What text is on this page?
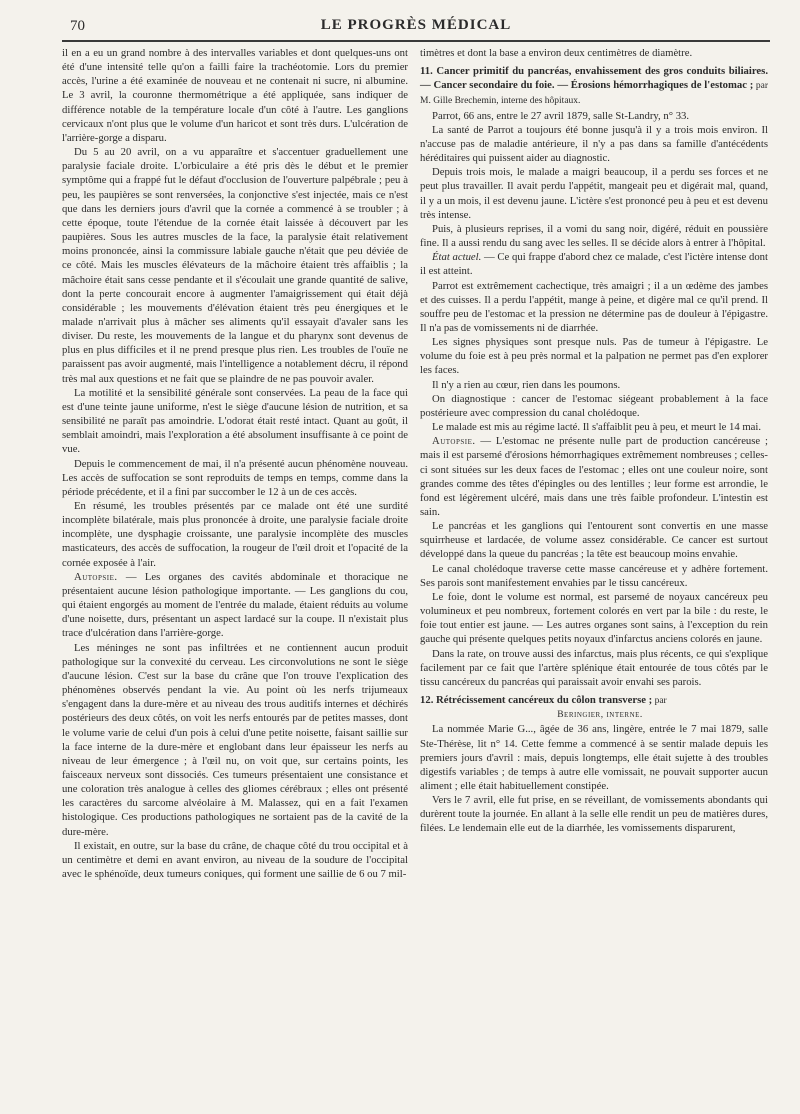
70	LE PROGRÈS MÉDICAL

il en a eu un grand nombre à des intervalles variables et dont quelques-uns ont été d'une intensité telle qu'on a failli faire la trachéotomie. Lors du premier accès, l'urine a été examinée de nouveau et ne contenait ni sucre, ni albumine. Le 3 avril, la couronne thermométrique a été appliquée, sans indiquer de différence notable de la température locale d'un côté à l'autre. Les ganglions cervicaux n'ont plus que le volume d'un haricot et sont très durs. L'ulcération de l'arrière-gorge a disparu.

Du 5 au 20 avril, on a vu apparaître et s'accentuer graduellement une paralysie faciale droite. L'orbiculaire a été pris dès le début et le premier symptôme qui a frappé fut le défaut d'occlusion de l'ouverture palpébrale ; peu à peu, les paupières se sont renversées, la conjonctive s'est injectée, mais ce n'est que dans les derniers jours d'avril que la cornée a commencé à se troubler ; à cette époque, toute l'étendue de la cornée était laissée à découvert par les paupières. Sous les autres muscles de la face, la paralysie était relativement moins prononcée, ainsi la commissure labiale gauche n'était que peu déviée de ce côté. Mais les muscles élévateurs de la mâchoire étaient très affaiblis ; la mâchoire était sans cesse pendante et il s'écoulait une grande quantité de salive, dont la perte concourait encore à augmenter l'amaigrissement qui était déjà considérable ; les mouvements d'élévation étaient très peu énergiques et le malade n'arrivait plus à mâcher ses aliments qu'il essayait d'avaler sans les diviser. Du reste, les mouvements de la langue et du pharynx sont devenus de plus en plus difficiles et il ne prend presque plus rien. Les troubles de l'ouïe ne paraissent pas avoir augmenté, mais l'intelligence a notablement décru, il répond très mal aux questions et ne fait que se plaindre de ne pas pouvoir avaler.

La motilité et la sensibilité générale sont conservées. La peau de la face qui est d'une teinte jaune uniforme, n'est le siège d'aucune lésion de nutrition, et sa sensibilité ne paraît pas amoindrie. L'odorat était resté intact. Quant au goût, il semblait amoindri, mais l'exploration a été absolument insuffisante à ce point de vue.

Depuis le commencement de mai, il n'a présenté aucun phénomène nouveau. Les accès de suffocation se sont reproduits de temps en temps, comme dans la période précédente, et il a fini par succomber le 12 à un de ces accès.

En résumé, les troubles présentés par ce malade ont été une surdité incomplète bilatérale, mais plus prononcée à droite, une paralysie faciale droite incomplète, une dysphagie croissante, une paralysie incomplète des muscles masticateurs, des accès de suffocation, la rougeur de l'œil droit et l'opacité de la cornée exposée à l'air.

Autopsie. — Les organes des cavités abdominale et thoracique ne présentaient aucune lésion pathologique importante. — Les ganglions du cou, qui étaient engorgés au moment de l'entrée du malade, étaient réduits au volume d'une noisette, durs, présentant un aspect lardacé sur la coupe. Il n'existait plus trace d'ulcération dans l'arrière-gorge.

Les méninges ne sont pas infiltrées et ne contiennent aucun produit pathologique sur la convexité du cerveau. Les circonvolutions ne sont le siège d'aucune lésion. C'est sur la base du crâne que l'on trouve l'explication des phénomènes observés pendant la vie. Au point où les nerfs trijumeaux s'engagent dans la dure-mère et au niveau des trous auditifs internes et déchirés postérieurs des deux côtés, on voit les nerfs entourés par de petites masses, dont le volume varie de celui d'un pois à celui d'une petite noisette, faisant saillie sur la face interne de la dure-mère et englobant dans leur épaisseur les nerfs au niveau de leur émergence ; à l'œil nu, on voit que, sur certains points, les faisceaux nerveux sont dissociés. Ces tumeurs présentaient une consistance et une coloration très analogue à celles des gliomes cérébraux ; elles ont présenté les caractères du sarcome alvéolaire à M. Malassez, qui en a fait l'examen histologique. Ces productions pathologiques ne sortaient pas de la cavité de la dure-mère.

Il existait, en outre, sur la base du crâne, de chaque côté du trou occipital et à un centimètre et demi en avant environ, au niveau de la soudure de l'occipital avec le sphénoïde, deux tumeurs coniques, qui forment une saillie de 6 ou 7 mil-

timètres et dont la base a environ deux centimètres de diamètre.

11. Cancer primitif du pancréas, envahissement des gros conduits biliaires. — Cancer secondaire du foie. — Érosions hémorrhagiques de l'estomac ; par M. Gille Brechemin, interne des hôpitaux.

Parrot, 66 ans, entre le 27 avril 1879, salle St-Landry, n° 33.

La santé de Parrot a toujours été bonne jusqu'à il y a trois mois environ. Il n'accuse pas de maladie antérieure, il n'y a pas dans sa famille d'antécédents héréditaires qui puissent aider au diagnostic.

Depuis trois mois, le malade a maigri beaucoup, il a perdu ses forces et ne peut plus travailler. Il avait perdu l'appétit, mangeait peu et digérait mal, quand, il y a un mois, il est devenu jaune. L'ictère s'est prononcé peu à peu et est devenu très intense.

Puis, à plusieurs reprises, il a vomi du sang noir, digéré, réduit en poussière fine. Il a aussi rendu du sang avec les selles. Il se décide alors à entrer à l'hôpital.

État actuel. — Ce qui frappe d'abord chez ce malade, c'est l'ictère intense dont il est atteint.

Parrot est extrêmement cachectique, très amaigri ; il a un œdème des jambes et des cuisses. Il a perdu l'appétit, mange à peine, et digère mal ce qu'il prend. Il souffre peu de l'estomac et la pression ne détermine pas de douleur à l'épigastre. Il n'a pas de vomissements ni de diarrhée.

Les signes physiques sont presque nuls. Pas de tumeur à l'épigastre. Le volume du foie est à peu près normal et la palpation ne permet pas d'en explorer les faces.

Il n'y a rien au cœur, rien dans les poumons.

On diagnostique : cancer de l'estomac siégeant probablement à la face postérieure avec compression du canal cholédoque.

Le malade est mis au régime lacté. Il s'affaiblit peu à peu, et meurt le 14 mai.

Autopsie. — L'estomac ne présente nulle part de production cancéreuse ; mais il est parsemé d'érosions hémorrhagiques extrêmement nombreuses ; celles-ci sont situées sur les deux faces de l'estomac ; elles ont une couleur noire, sont grandes comme des têtes d'épingles ou des lentilles ; leur forme est arrondie, le fond est légèrement ulcéré, mais dans une très faible profondeur. L'intestin est sain.

Le pancréas et les ganglions qui l'entourent sont convertis en une masse squirrheuse et lardacée, de volume assez considérable. Ce cancer est surtout développé dans la queue du pancréas ; la tête est beaucoup moins envahie.

Le canal cholédoque traverse cette masse cancéreuse et y adhère fortement. Ses parois sont manifestement envahies par le tissu cancéreux.

Le foie, dont le volume est normal, est parsemé de noyaux cancéreux peu volumineux et peu nombreux, fortement colorés en vert par la bile : du reste, le foie tout entier est jaune. — Les autres organes sont sains, à l'exception du rein gauche qui présente quelques petits noyaux d'infarctus anciens colorés en jaune.

Dans la rate, on trouve aussi des infarctus, mais plus récents, ce qui s'explique facilement par ce fait que l'artère splénique était entourée de tous côtés par le tissu cancéreux du pancréas qui paraissait avoir envahi ses parois.

12. Rétrécissement cancéreux du côlon transverse ; par

Beringier, interne.

La nommée Marie G..., âgée de 36 ans, lingère, entrée le 7 mai 1879, salle Ste-Thérèse, lit n° 14. Cette femme a commencé à se sentir malade depuis les premiers jours d'avril : mais, depuis longtemps, elle était sujette à des troubles digestifs variables ; de temps à autre elle vomissait, ne pouvait supporter aucun aliment ; elle était habituellement constipée.

Vers le 7 avril, elle fut prise, en se réveillant, de vomissements abondants qui durèrent toute la journée. En allant à la selle elle rendit un peu de matières dures, filées. Le lendemain elle eut de la diarrhée, les vomissements disparurent,
